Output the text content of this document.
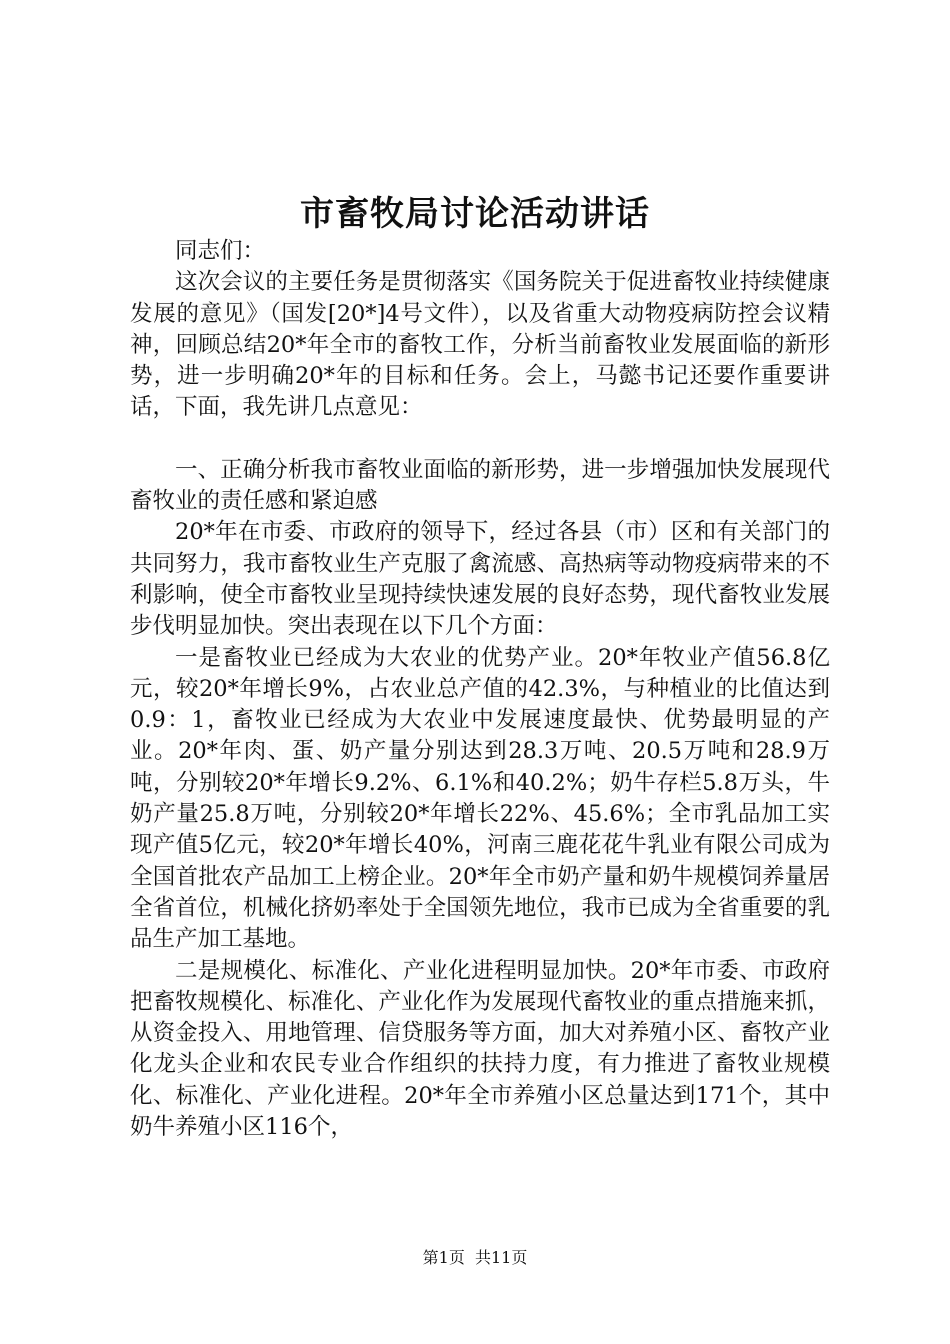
市畜牧局讨论活动讲话

同志们：

这次会议的主要任务是贯彻落实《国务院关于促进畜牧业持续健康发展的意见》（国发[20*]4号文件），以及省重大动物疫病防控会议精神，回顾总结20*年全市的畜牧工作，分析当前畜牧业发展面临的新形势，进一步明确20*年的目标和任务。会上，马懿书记还要作重要讲话，下面，我先讲几点意见：

一、正确分析我市畜牧业面临的新形势，进一步增强加快发展现代畜牧业的责任感和紧迫感

20*年在市委、市政府的领导下，经过各县（市）区和有关部门的共同努力，我市畜牧业生产克服了禽流感、高热病等动物疫病带来的不利影响，使全市畜牧业呈现持续快速发展的良好态势，现代畜牧业发展步伐明显加快。突出表现在以下几个方面：

一是畜牧业已经成为大农业的优势产业。20*年牧业产值56.8亿元，较20*年增长9%，占农业总产值的42.3%，与种植业的比值达到0.9：1，畜牧业已经成为大农业中发展速度最快、优势最明显的产业。20*年肉、蛋、奶产量分别达到28.3万吨、20.5万吨和28.9万吨，分别较20*年增长9.2%、6.1%和40.2%；奶牛存栏5.8万头，牛奶产量25.8万吨，分别较20*年增长22%、45.6%；全市乳品加工实现产值5亿元，较20*年增长40%，河南三鹿花花牛乳业有限公司成为全国首批农产品加工上榜企业。20*年全市奶产量和奶牛规模饲养量居全省首位，机械化挤奶率处于全国领先地位，我市已成为全省重要的乳品生产加工基地。

二是规模化、标准化、产业化进程明显加快。20*年市委、市政府把畜牧规模化、标准化、产业化作为发展现代畜牧业的重点措施来抓，从资金投入、用地管理、信贷服务等方面，加大对养殖小区、畜牧产业化龙头企业和农民专业合作组织的扶持力度，有力推进了畜牧业规模化、标准化、产业化进程。20*年全市养殖小区总量达到171个，其中奶牛养殖小区116个，

第1页  共11页
